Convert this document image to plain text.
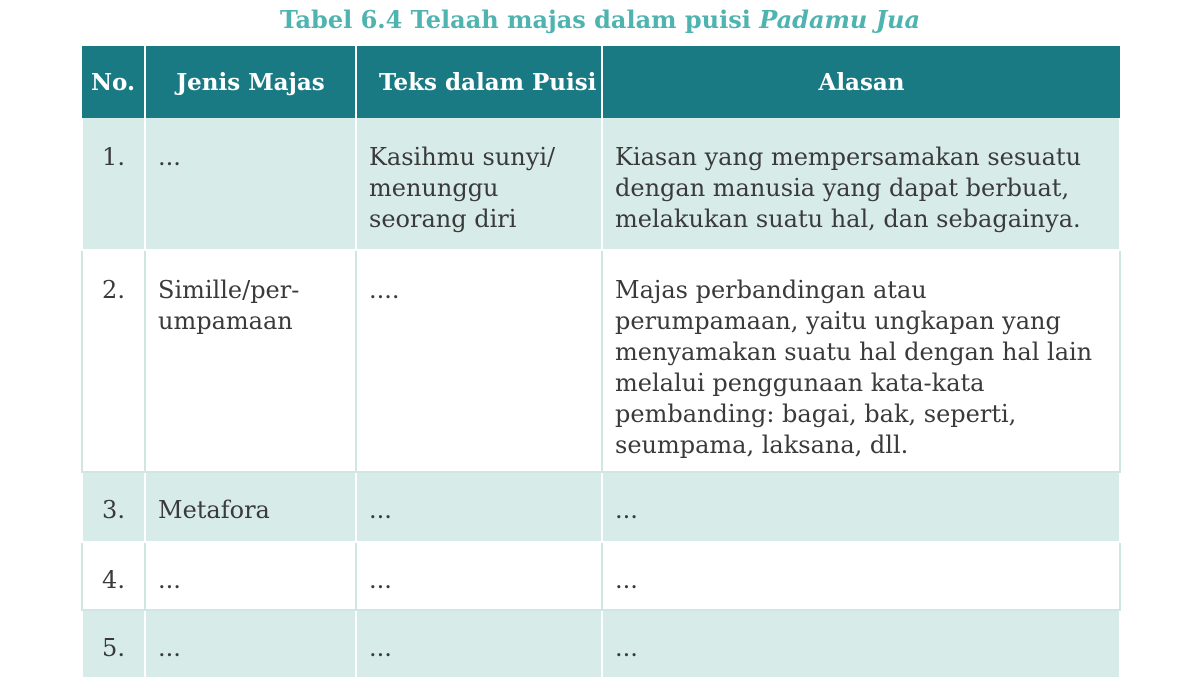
Tabel 6.4 Telaah majas dalam puisi Padamu Jua
No.	Jenis Majas	Teks dalam Puisi	Alasan
1.	...	Kasihmu sunyi/ menunggu seorang diri	Kiasan yang mempersamakan sesuatu dengan manusia yang dapat berbuat, melakukan suatu hal, dan sebagainya.
2.	Simille/per-umpamaan	....	Majas perbandingan atau perumpamaan, yaitu ungkapan yang menyamakan suatu hal dengan hal lain melalui penggunaan kata-kata pembanding: bagai, bak, seperti, seumpama, laksana, dll.
3.	Metafora	...	...
4.	...	...	...
5.	...	...	...
